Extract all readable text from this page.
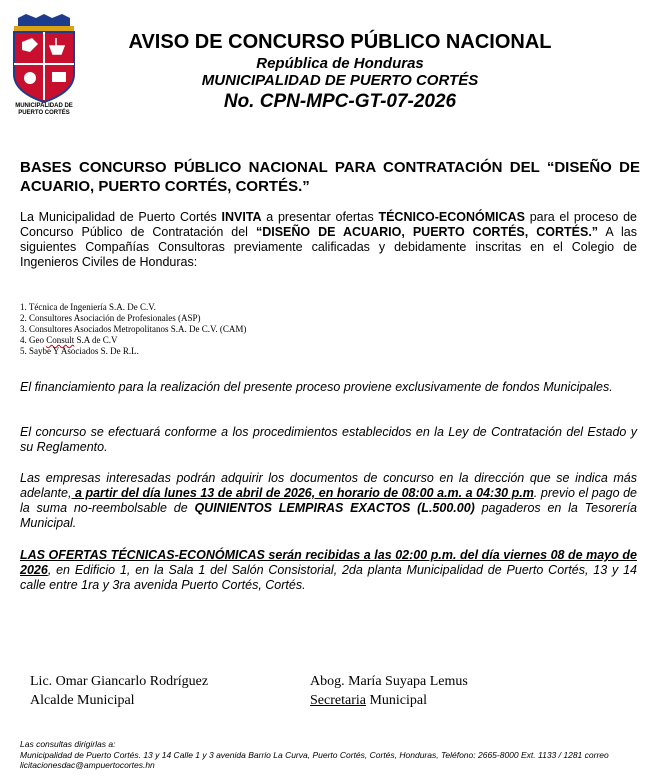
MUNICIPALIDAD DE
PUERTO CORTÉS
AVISO DE CONCURSO PÚBLICO NACIONAL
República de Honduras
MUNICIPALIDAD DE PUERTO CORTÉS
No. CPN-MPC-GT-07-2026
BASES CONCURSO PÚBLICO NACIONAL PARA CONTRATACIÓN DEL “DISEÑO DE ACUARIO, PUERTO CORTÉS, CORTÉS.”
La Municipalidad de Puerto Cortés INVITA a presentar ofertas TÉCNICO-ECONÓMICAS para el proceso de Concurso Público de Contratación del “DISEÑO DE ACUARIO, PUERTO CORTÉS, CORTÉS.” A las siguientes Compañías Consultoras previamente calificadas y debidamente inscritas en el Colegio de Ingenieros Civiles de Honduras:
1. Técnica de Ingeniería S.A. De C.V.
2. Consultores Asociación de Profesionales (ASP)
3. Consultores Asociados Metropolitanos S.A. De C.V. (CAM)
4. Geo Consult S.A de C.V
5. Saybe Y Asociados S. De R.L.
El financiamiento para la realización del presente proceso proviene exclusivamente de fondos Municipales.
El concurso se efectuará conforme a los procedimientos establecidos en la Ley de Contratación del Estado y su Reglamento.
Las empresas interesadas podrán adquirir los documentos de concurso en la dirección que se indica más adelante, a partir del día lunes 13 de abril de 2026, en horario de 08:00 a.m. a 04:30 p.m. previo el pago de la suma no-reembolsable de QUINIENTOS LEMPIRAS EXACTOS (L.500.00) pagaderos en la Tesorería Municipal.
LAS OFERTAS TÉCNICAS-ECONÓMICAS serán recibidas a las 02:00 p.m. del día viernes 08 de mayo de 2026, en Edificio 1, en la Sala 1 del Salón Consistorial, 2da planta Municipalidad de Puerto Cortés, 13 y 14 calle entre 1ra y 3ra avenida Puerto Cortés, Cortés.
Lic. Omar Giancarlo Rodríguez
Alcalde Municipal
Abog. María Suyapa Lemus
Secretaria Municipal
Las consultas dirigirlas a:
Municipalidad de Puerto Cortés. 13 y 14 Calle 1 y 3 avenida Barrio La Curva, Puerto Cortés, Cortés, Honduras, Teléfono: 2665-8000 Ext. 1133 / 1281 correo licitacionesdac@ampuertocortes.hn
